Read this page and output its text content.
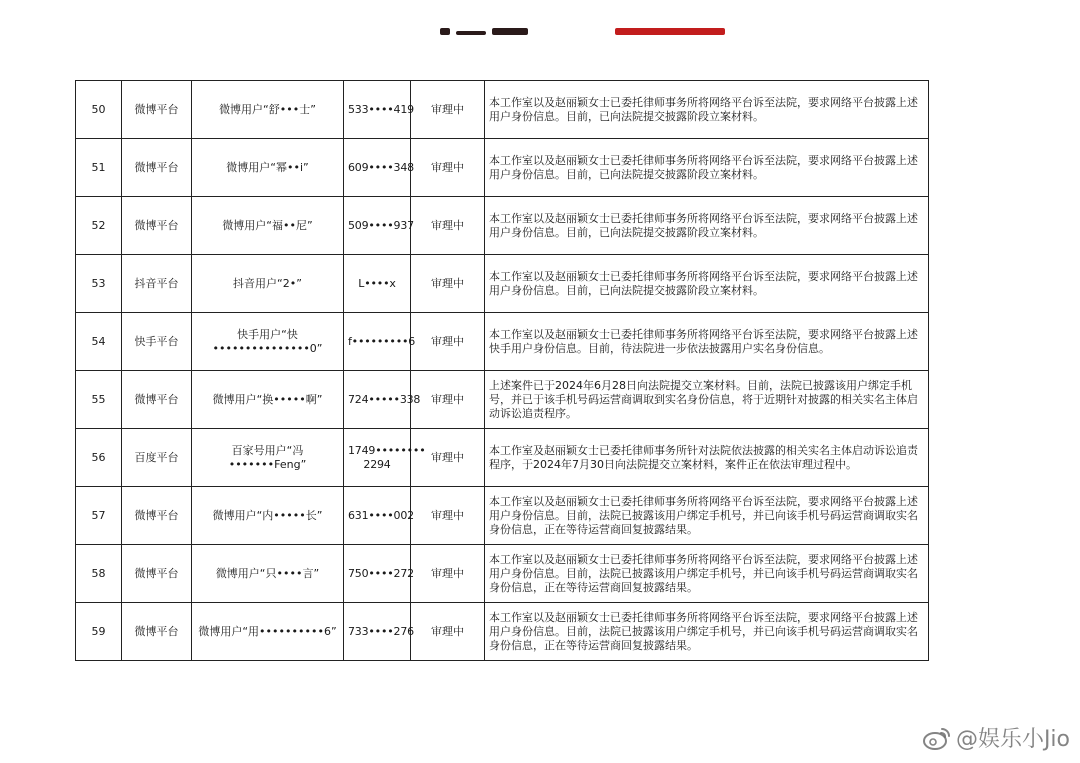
50	微博平台	微博用户“舒•••士”	533••••419	审理中	本工作室以及赵丽颖女士已委托律师事务所将网络平台诉至法院，要求网络平台披露上述用户身份信息。目前，已向法院提交披露阶段立案材料。
51	微博平台	微博用户“幂••i”	609••••348	审理中	本工作室以及赵丽颖女士已委托律师事务所将网络平台诉至法院，要求网络平台披露上述用户身份信息。目前，已向法院提交披露阶段立案材料。
52	微博平台	微博用户“福••尼”	509••••937	审理中	本工作室以及赵丽颖女士已委托律师事务所将网络平台诉至法院，要求网络平台披露上述用户身份信息。目前，已向法院提交披露阶段立案材料。
53	抖音平台	抖音用户“2•”	L••••x	审理中	本工作室以及赵丽颖女士已委托律师事务所将网络平台诉至法院，要求网络平台披露上述用户身份信息。目前，已向法院提交披露阶段立案材料。
54	快手平台	快手用户“快•••••••••••••••0”	f•••••••••6	审理中	本工作室以及赵丽颖女士已委托律师事务所将网络平台诉至法院，要求网络平台披露上述快手用户身份信息。目前，待法院进一步依法披露用户实名身份信息。
55	微博平台	微博用户“换•••••啊”	724•••••338	审理中	上述案件已于2024年6月28日向法院提交立案材料。目前，法院已披露该用户绑定手机号，并已于该手机号码运营商调取到实名身份信息，将于近期针对披露的相关实名主体启动诉讼追责程序。
56	百度平台	百家号用户“冯•••••••Feng”	1749•••••••• 2294	审理中	本工作室及赵丽颖女士已委托律师事务所针对法院依法披露的相关实名主体启动诉讼追责程序，于2024年7月30日向法院提交立案材料，案件正在依法审理过程中。
57	微博平台	微博用户“内•••••长”	631••••002	审理中	本工作室以及赵丽颖女士已委托律师事务所将网络平台诉至法院，要求网络平台披露上述用户身份信息。目前，法院已披露该用户绑定手机号，并已向该手机号码运营商调取实名身份信息，正在等待运营商回复披露结果。
58	微博平台	微博用户“只••••言”	750••••272	审理中	本工作室以及赵丽颖女士已委托律师事务所将网络平台诉至法院，要求网络平台披露上述用户身份信息。目前，法院已披露该用户绑定手机号，并已向该手机号码运营商调取实名身份信息，正在等待运营商回复披露结果。
59	微博平台	微博用户“用••••••••••6”	733••••276	审理中	本工作室以及赵丽颖女士已委托律师事务所将网络平台诉至法院，要求网络平台披露上述用户身份信息。目前，法院已披露该用户绑定手机号，并已向该手机号码运营商调取实名身份信息，正在等待运营商回复披露结果。
@娱乐小Jio
